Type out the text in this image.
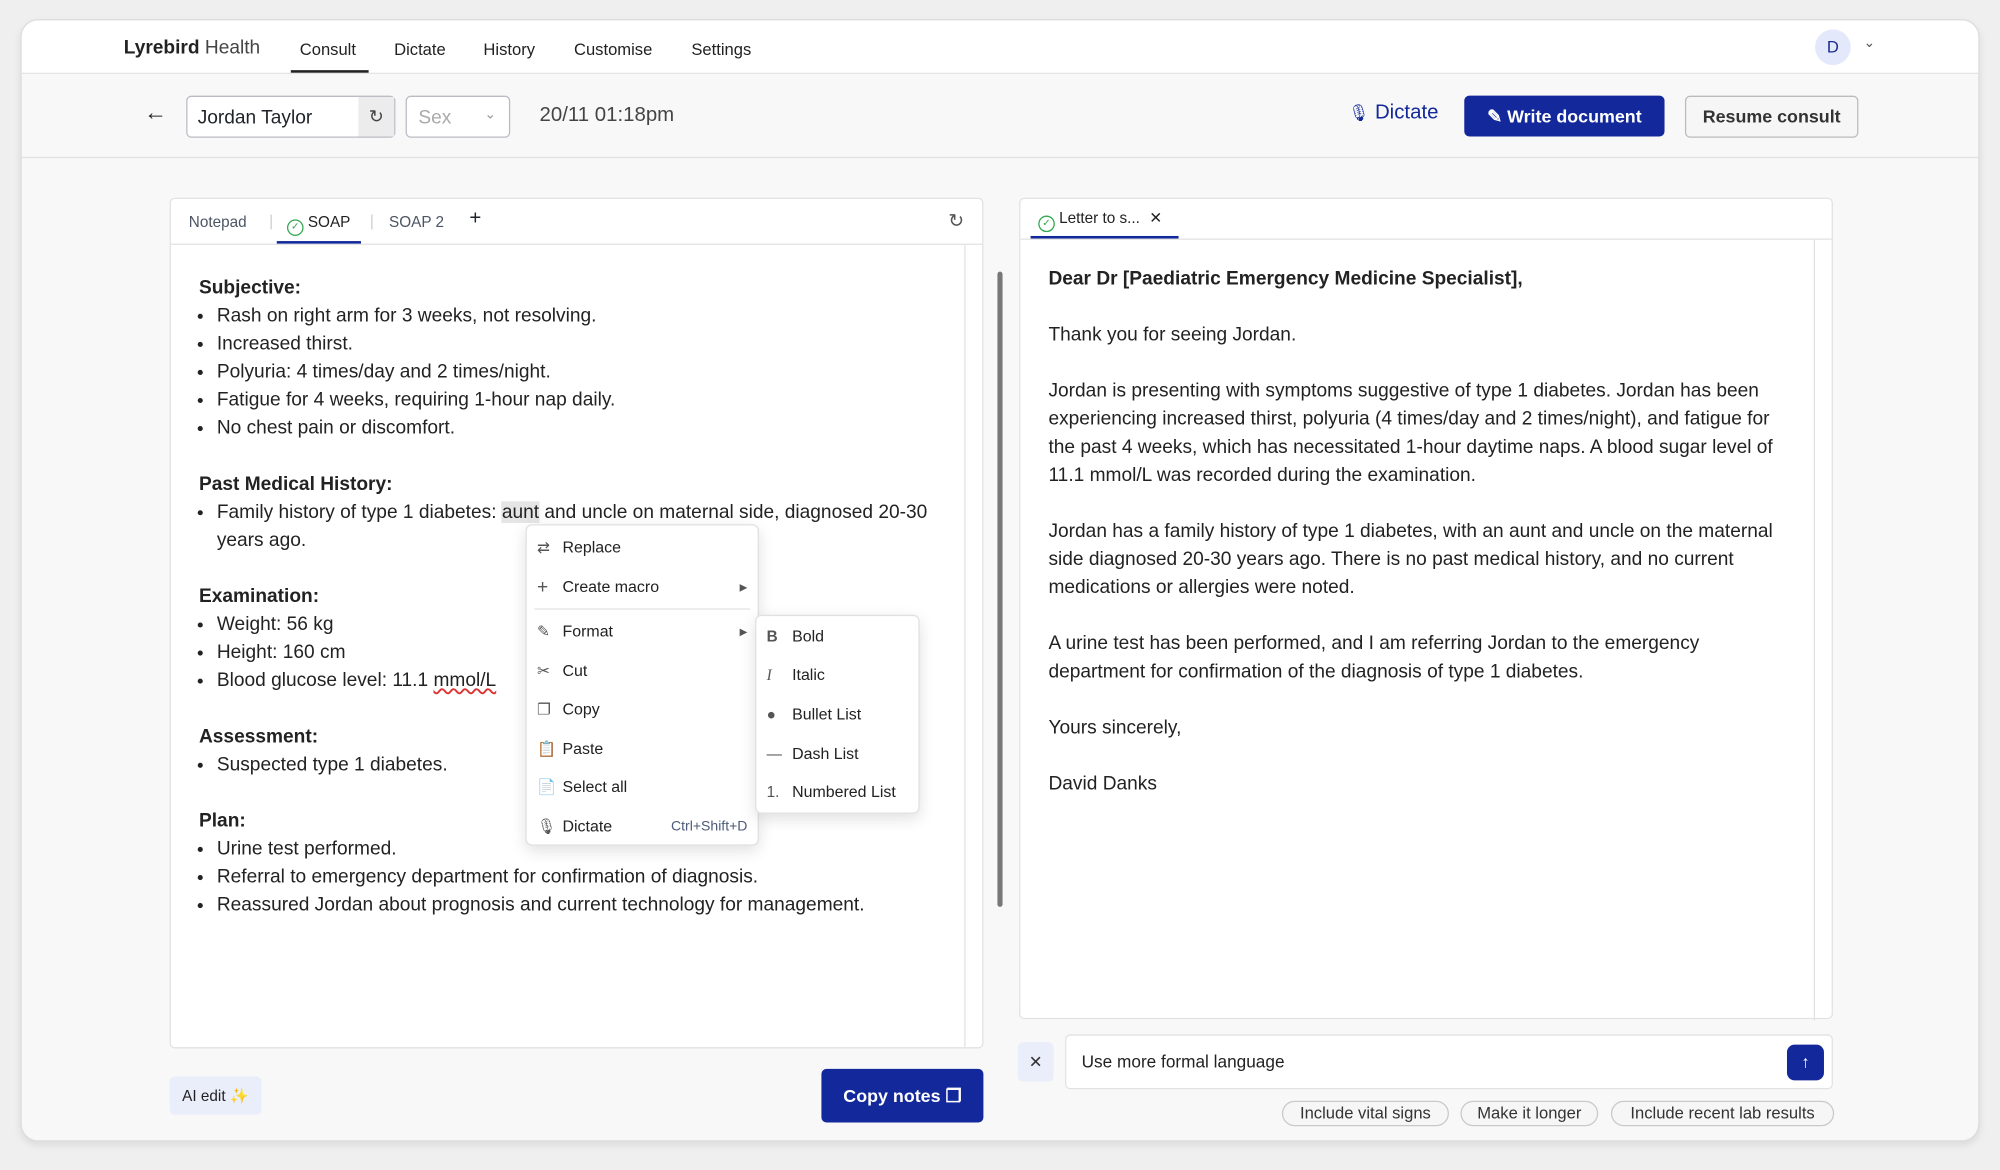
Lyrebird Health	Consult	Dictate	History	Customise	Settings	D	⌄
← Jordan Taylor	↻	Sex	⌄	20/11 01:18pm	🎙 Dictate	✎ Write document	Resume consult
Notepad |	✓ SOAP | SOAP 2 +	↻
Subjective:
• Rash on right arm for 3 weeks, not resolving.
• Increased thirst.
• Polyuria: 4 times/day and 2 times/night.
• Fatigue for 4 weeks, requiring 1-hour nap daily.
• No chest pain or discomfort.
Past Medical History:
• Family history of type 1 diabetes: aunt and uncle on maternal side, diagnosed 20-30 years ago.
Examination:
• Weight: 56 kg
• Height: 160 cm
• Blood glucose level: 11.1 mmol/L
Assessment:
• Suspected type 1 diabetes.
Plan:
• Urine test performed.
• Referral to emergency department for confirmation of diagnosis.
• Reassured Jordan about prognosis and current technology for management.
✓ Letter to s... ✕

Dear Dr [Paediatric Emergency Medicine Specialist],

Thank you for seeing Jordan.

Jordan is presenting with symptoms suggestive of type 1 diabetes. Jordan has been experiencing increased thirst, polyuria (4 times/day and 2 times/night), and fatigue for the past 4 weeks, which has necessitated 1-hour daytime naps. A blood sugar level of 11.1 mmol/L was recorded during the examination.

Jordan has a family history of type 1 diabetes, with an aunt and uncle on the maternal side diagnosed 20-30 years ago. There is no past medical history, and no current medications or allergies were noted.

A urine test has been performed, and I am referring Jordan to the emergency department for confirmation of the diagnosis of type 1 diabetes.

Yours sincerely,

David Danks

AI edit ✨	Copy notes ❐
✕	Use more formal language	↑
Include vital signs	Make it longer	Include recent lab results
⇄	Replace
+	Create macro	▶
✎	Format	▶
✂	Cut
❐ Copy
📋 Paste
📄 Select all
🎙 Dictate	Ctrl+Shift+D
B	Bold
I	Italic
●	Bullet List
— Dash List
1.	Numbered List
